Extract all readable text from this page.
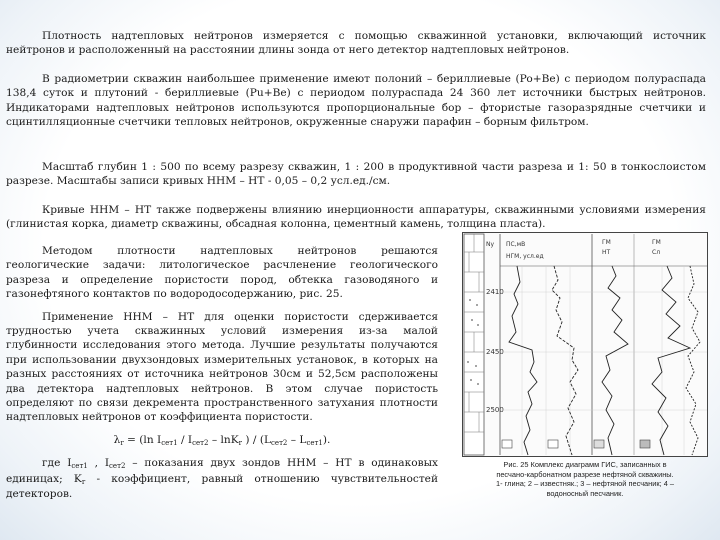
Плотность надтепловых нейтронов измеряется с помощью скважинной установки, включающий источник нейтронов и расположенный на расстоянии длины зонда от него детектор надтепловых нейтронов.

В радиометрии скважин наибольшее применение имеют полоний – бериллиевые (Po+Be) с периодом полураспада 138,4 суток и плутоний - бериллиевые (Pu+Be) с периодом полураспада 24 360 лет источники быстрых нейтронов. Индикаторами надтепловых нейтронов используются пропорциональные бор – фтористые газоразрядные счетчики и сцинтилляционные счетчики тепловых нейтронов, окруженные снаружи парафин – борным фильтром.

Масштаб глубин 1 : 500 по всему разрезу скважин, 1 : 200 в продуктивной части разреза и 1: 50 в тонкослоистом разрезе. Масштабы записи кривых ННМ – НТ - 0,05 – 0,2 усл.ед./см.

Кривые ННМ – НТ также подвержены влиянию инерционности аппаратуры, скважинными условиями измерения (глинистая корка, диаметр скважины, обсадная колонна, цементный камень, толщина пласта).

Методом плотности надтепловых нейтронов решаются геологические задачи: литологическое расчленение геологического разреза и определение пористости пород, обтекка газоводяного и газонефтяного контактов по водородосодержанию, рис. 25.

Применение ННМ – НТ для оценки пористости сдерживается трудностью учета скважинных условий измерения из-за малой глубинности исследования этого метода. Лучшие результаты получаются при использовании двухзондовых измерительных установок, в которых на разных расстояниях от источника нейтронов 30см и 52,5см расположены два детектора надтепловых нейтронов. В этом случае пористость определяют по связи декремента пространственного затухания плотности надтепловых нейтронов от коэффициента пористости.

$\lambda_r = (\ln$ $I_{сет1} / I_{сет2} - \ln K_r$ ) / $(L_{сет2} - L_{сет1})$.

где $I_{сет1}$ , $I_{сет2}$ – показания двух зондов ННМ – НТ в одинаковых единицах; $K_r$ - коэффициент, равный отношению чувствительностей детекторов.

2410
2450
2500
Ny ПС,мВ
НГМ, усл.ед
ГМ
НТ
ГМ
Сл
Рис. 25 Комплекс диаграмм ГИС, записанных в
песчано-карбонатном разрезе нефтяной скважины.
1- глина; 2 – известняк.; 3 – нефтяной песчаник; 4 –
водоносный песчаник.
